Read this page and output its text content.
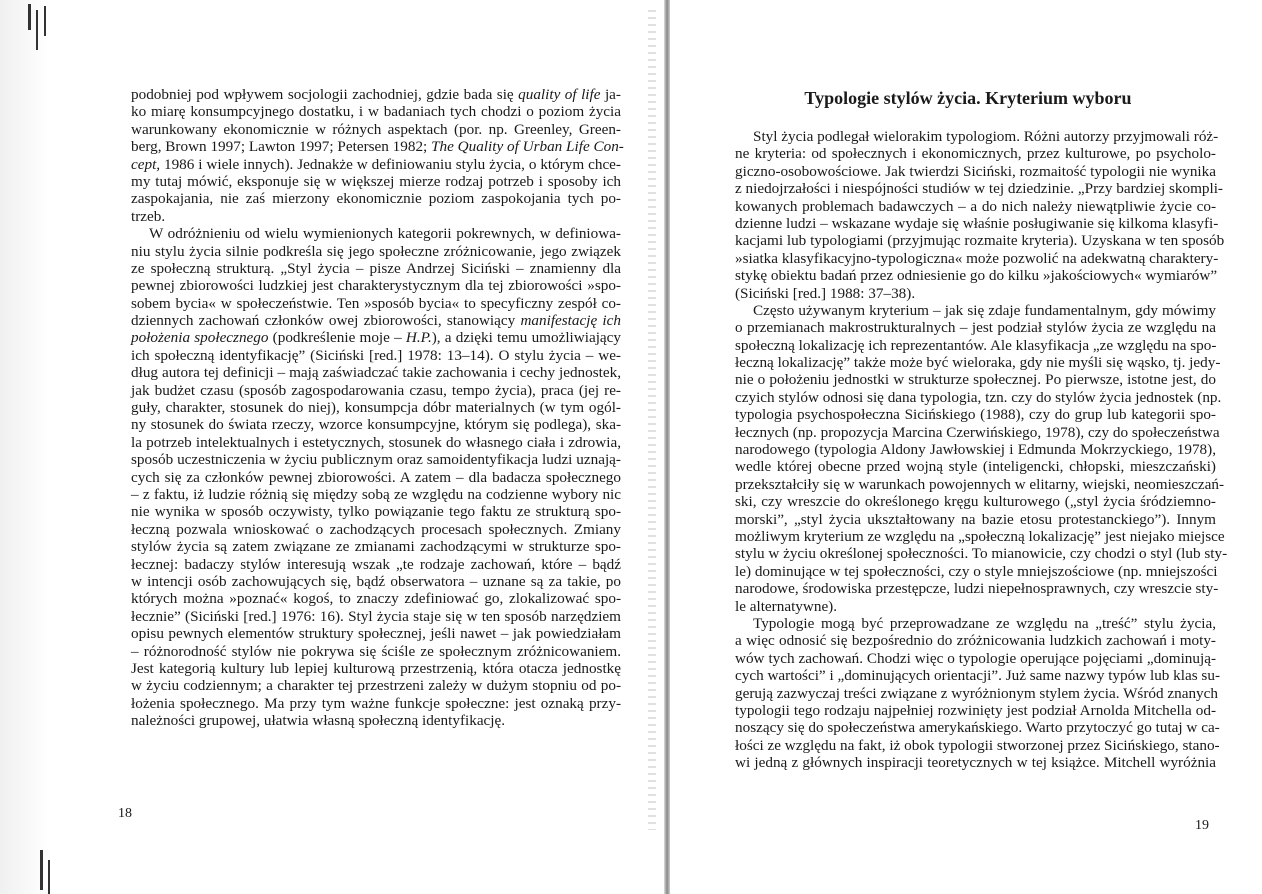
podobniej pod wpływem socjologii zachodniej, gdzie bada się quality of life ja-
ko miarę konsumpcyjnego dostatku, i w badaniach tych chodzi o poziom życia
warunkowany ekonomicznie w różnych aspektach (por. np. Greenley, Green-
berg, Brown 1997; Lawton 1997; Petersen 1982; The Quality of Urban Life Con-
cept, 1986 i wiele innych). Jednakże w definiowaniu stylu życia, o którym chce-
my tutaj mówić, eksponuje się w większej mierze rodzaj potrzeb i sposoby ich
zaspokajania, nie zaś mierzony ekonomicznie poziom zaspokojania tych po-
trzeb.
W odróżnieniu od wielu wymienionych kategorii pokrewnych, w definiowa-
niu stylu życia silnie podkreśla się jego społeczne zróżnicowanie, jego związek
ze społeczną strukturą. „Styl życia – pisze Andrzej Siciński – znamienny dla
pewnej zbiorowości ludzkiej jest charakterystycznym dla tej zbiorowości »spo-
sobem bycia« w społeczeństwie. Ten »sposób bycia« to specyficzny zespół co-
dziennych zachowań członków owej zbiorowości, stanowiący manifestację ich
położenia społecznego (podkreślenie moje – H.P.), a dzięki temu umożliwiający
ich społeczną identyfikację” (Siciński [red.] 1978: 13–14). O stylu życia – we-
dług autora tej definicji – mają zaświadczać takie zachowania i cechy jednostek,
jak budżet czasu (sposób zagospodarowania czasu, tempo życia), praca (jej re-
guły, charakter, stosunek do niej), konsumpcja dóbr materialnych (w tym ogól-
ny stosunek do świata rzeczy, wzorce konsumpcyjne, którym się podlega), ska-
la potrzeb intelektualnych i estetycznych, stosunek do własnego ciała i zdrowia,
sposób uczestniczenia w życiu publicznym oraz samoidentyfikacja ludzi uznają-
cych się za członków pewnej zbiorowości. A zatem – dla badacza społecznego
– z faktu, iż ludzie różnią się między sobą ze względu na codzienne wybory nic
nie wynika w sposób oczywisty, tylko powiązanie tego faktu ze strukturą spo-
łeczną pozwala wnioskować o zachodzących procesach społecznych. Zmiany
stylów życia są zatem związane ze zmianami zachodzącymi w strukturze spo-
łecznej: badaczy stylów interesują wszak „te rodzaje zachowań, które – bądź
w intencji osób zachowujących się, bądź obserwatora – uznane są za takie, po
których można »poznać« kogoś, to znaczy zdefiniować go, zlokalizować spo-
łecznie” (Siciński [red.] 1976: 16). Styl życia staje się w ten sposób narzędziem
opisu pewnych elementów struktury społecznej, jeśli nawet – jak powiedziałam
– różnorodność stylów nie pokrywa się ściśle ze społecznym zróżnicowaniem.
Jest kategorią kultury lub lepiej kulturową przestrzenią, która otacza jednostkę
w życiu codziennym; a charakter tej przestrzeni zależy w dużym stopniu od po-
łożenia społecznego. Ma przy tym ważne funkcje społeczne: jest oznaką przy-
należności grupowej, ułatwia własną społeczną identyfikację.
18
Typologie stylów życia. Kryterium wyboru
Styl życia podlegał wielorakim typologiom. Różni autorzy przyjmowali róż-
ne kryteria: od społecznych i ekonomicznych, przez kulturowe, po psycholo-
giczno-osobowościowe. Jak twierdzi Siciński, rozmaitość typologii nie wynika
z niedojrzałości i niespójności studiów w tej dziedzinie. „Przy bardziej skompli-
kowanych problemach badawczych – a do nich należy niewątpliwie życie co-
dzienne ludzi – wskazane wydaje się właśnie posługiwanie się kilkoma klasyfi-
kacjami lub typologiami (przyjmując rozmaite kryteria). Uzyskana w ten sposób
»siatka klasyfikacyjno-typologiczna« może pozwolić na adekwatną charaktery-
stykę obiektu badań przez odniesienie go do kilku »jakościowych« wymiarów”
(Siciński [red.] 1988: 37–38).
Często używanym kryterium – jak się zdaje fundamentalnym, gdy mówimy
o przemianach makrostrukturalnych – jest podział stylów życia ze względu na
społeczną lokalizację ich reprezentantów. Ale klasyfikacja „ze względu na spo-
łeczną lokalizację” także może być wieloraka, gdy nie myśli się wąsko, tj. jedy-
nie o położeniu jednostki w strukturze społecznej. Po pierwsze, istotne jest, do
czyich stylów odnosi się dana typologia, tzn. czy do stylów życia jednostek (np.
typologia psychospołeczna Sicińskiego (1988), czy do grup lub kategorii spo-
łecznych (np. propozycja Marcina Czerwińskiego, 1978), czy do społeczeństwa
narodowego (typologia Aldony Jawłowskiej i Edmunda Mokrzyckiego, 1978),
wedle której obecne przed wojną style (inteligencki, chłopski, mieszczański)
przekształciły się w warunkach powojennych w elitarny, wiejski, neomieszczań-
ski, czy wreszcie do określonego kręgu kulturowego („styl życia śródziemno-
morski”, „styl życia ukształtowany na bazie etosu protestanckiego”). Innym
możliwym kryterium ze względu na „społeczną lokalizację” jest niejako miejsce
stylu w życiu określonej społeczności. To mianowicie, czy chodzi o styl (lub sty-
le) dominujące w tej społeczności, czy o style mniejszościowe (np. mniejszości
narodowe, środowiska przestępcze, ludzi niepełnosprawnych, czy wreszcie sty-
le alternatywne).
Typologie mogą być przeprowadzane ze względu na „treść” stylu życia,
a więc odnosić się bezpośrednio do zróżnicowania ludzkich zachowań i moty-
wów tych zachowań. Chodzi więc o typologie operujące pojęciami „dominują-
cych wartości” i „dominujących orientacji”. Już same nazwy typów lub klas su-
gerują zazwyczaj treści związane z wyróżnionym stylem życia. Wśród znanych
typologii tego rodzaju najpełniej rozwinięty jest podział Arnolda Mitchella od-
noszący się do społeczeństwa amerykańskiego. Warto przytoczyć go tutaj w ca-
łości ze względu na fakt, iż obok typologii stworzonej przez Sicińskiego, stano-
wi jedną z głównych inspiracji teoretycznych w tej książce. Mitchell wyróżnia
19
